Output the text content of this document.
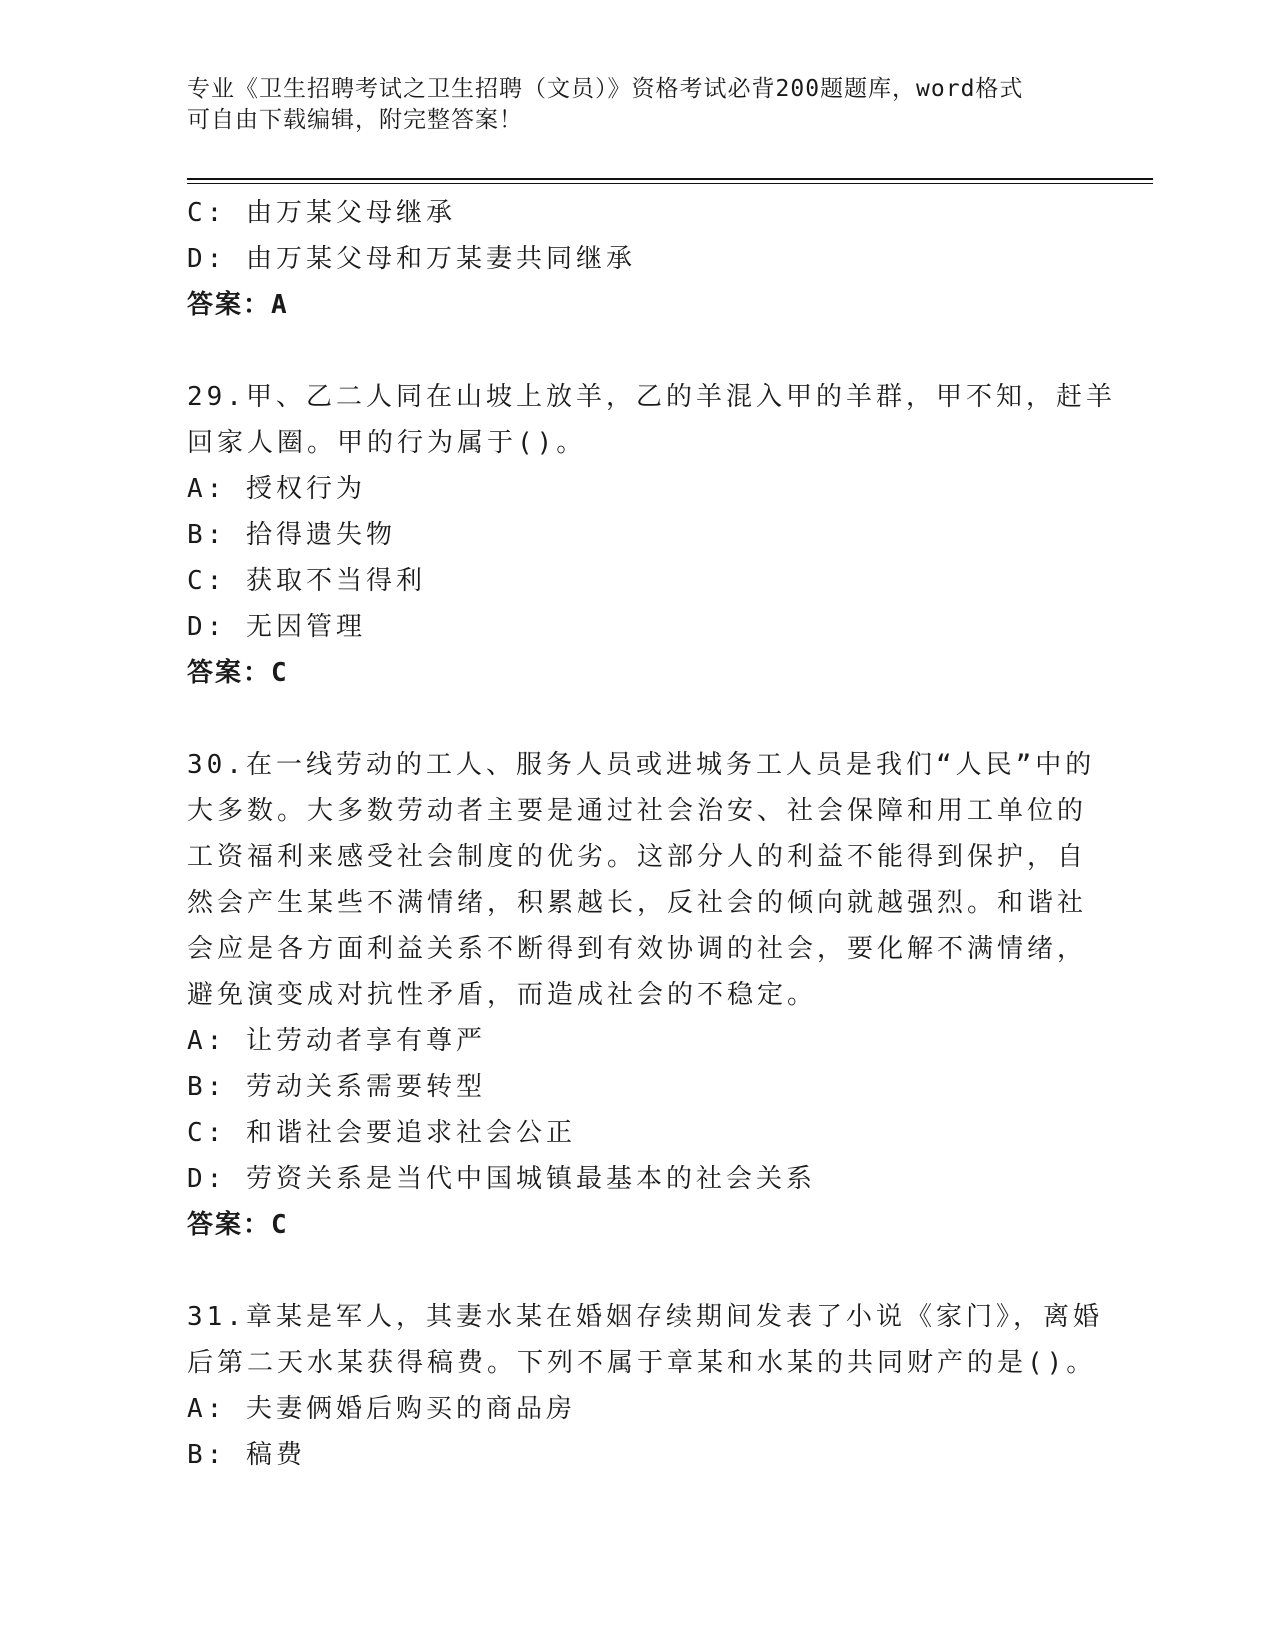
专业《卫生招聘考试之卫生招聘（文员）》资格考试必背200题题库，word格式
可自由下载编辑，附完整答案！
C: 由万某父母继承
D: 由万某父母和万某妻共同继承
答案：A
29.甲、乙二人同在山坡上放羊，乙的羊混入甲的羊群，甲不知，赶羊
回家人圈。甲的行为属于()。
A: 授权行为
B: 拾得遗失物
C: 获取不当得利
D: 无因管理
答案：C
30.在一线劳动的工人、服务人员或进城务工人员是我们“人民”中的
大多数。大多数劳动者主要是通过社会治安、社会保障和用工单位的
工资福利来感受社会制度的优劣。这部分人的利益不能得到保护，自
然会产生某些不满情绪，积累越长，反社会的倾向就越强烈。和谐社
会应是各方面利益关系不断得到有效协调的社会，要化解不满情绪，
避免演变成对抗性矛盾，而造成社会的不稳定。
A: 让劳动者享有尊严
B: 劳动关系需要转型
C: 和谐社会要追求社会公正
D: 劳资关系是当代中国城镇最基本的社会关系
答案：C
31.章某是军人，其妻水某在婚姻存续期间发表了小说《家门》，离婚
后第二天水某获得稿费。下列不属于章某和水某的共同财产的是()。
A: 夫妻俩婚后购买的商品房
B: 稿费
